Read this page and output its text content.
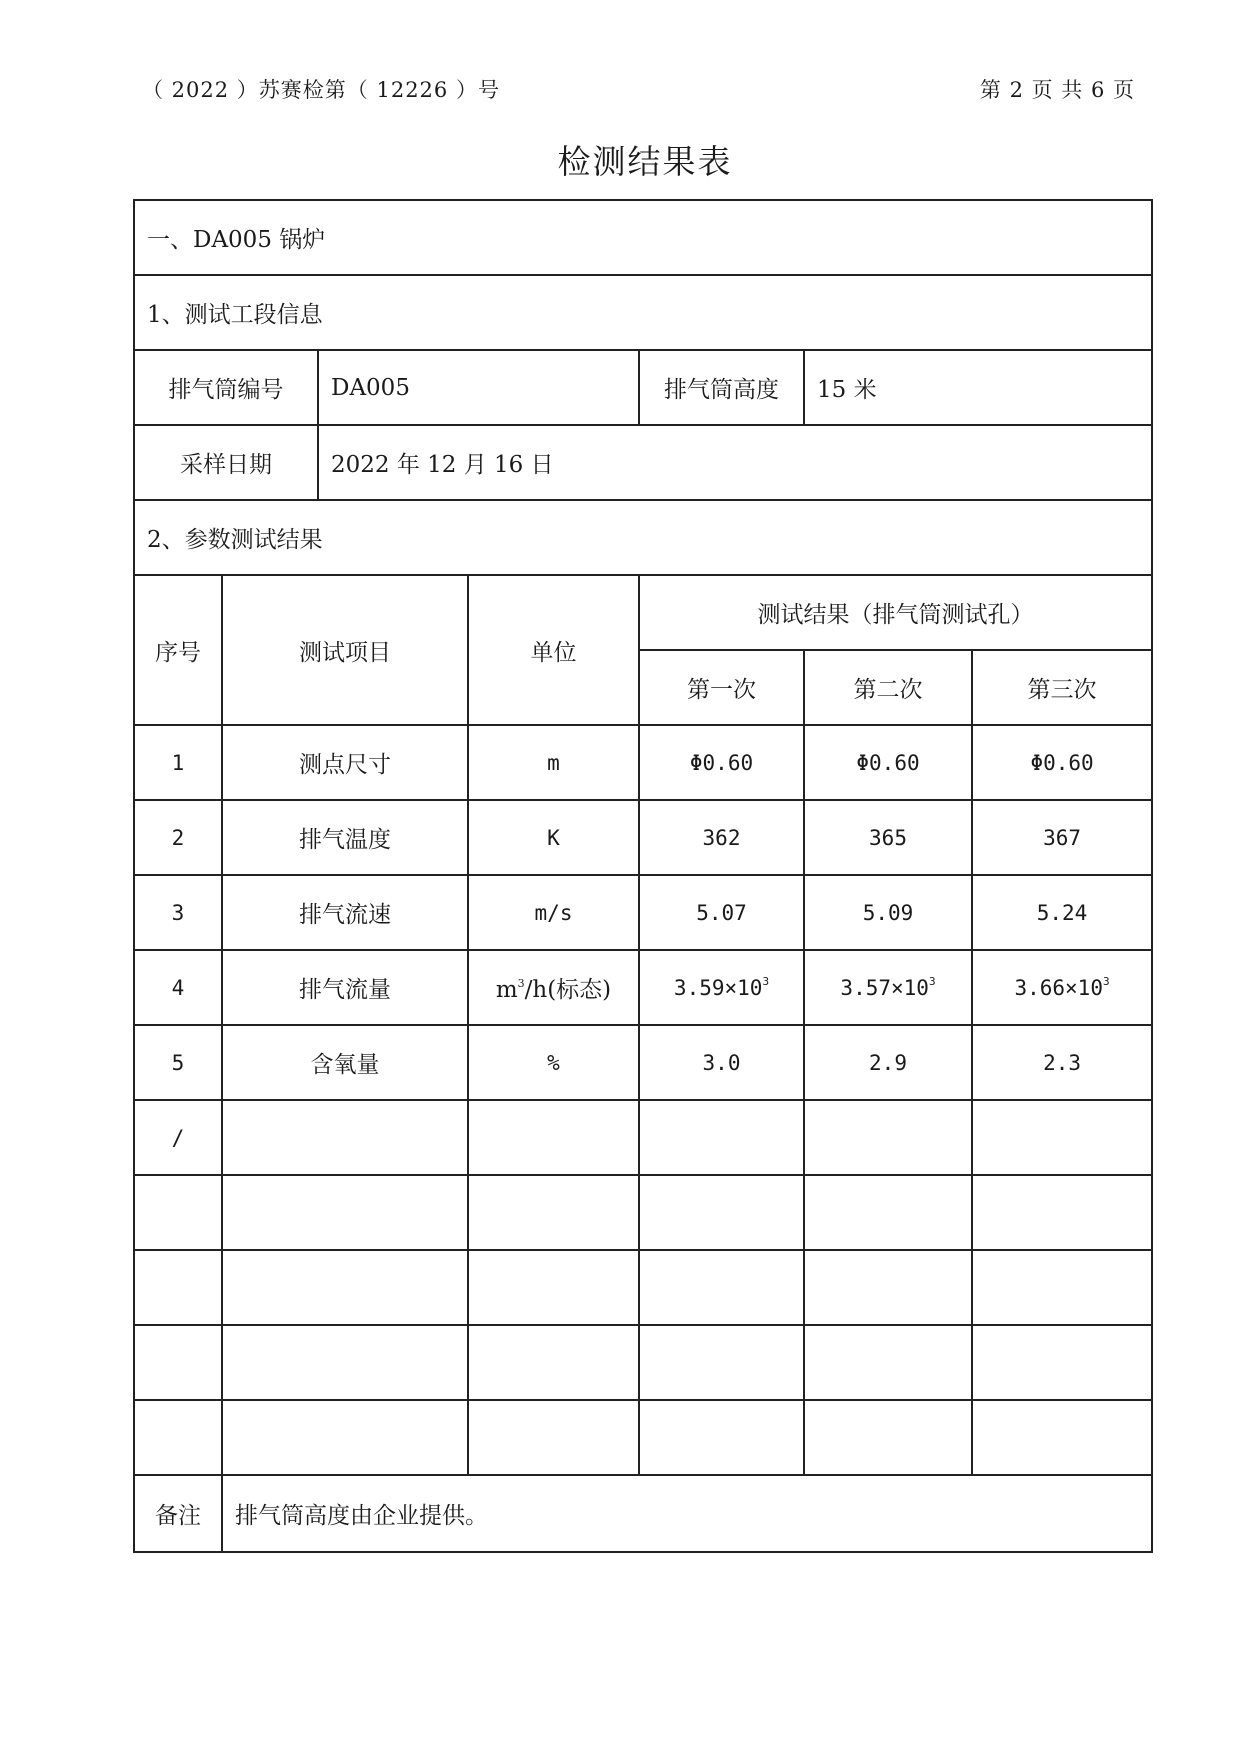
（ 2022 ）苏赛检第（ 12226 ）号	第 2 页 共 6 页
检测结果表
一、DA005 锅炉						
1、测试工段信息						
排气筒编号		DA005		排气筒高度	15 米	
采样日期		2022 年 12 月 16 日				
2、参数测试结果						
序号	测试项目		单位	测试结果（排气筒测试孔）		
				第一次	第二次	第三次
1	测点尺寸		m	Φ0.60	Φ0.60	Φ0.60
2	排气温度		K	362	365	367
3	排气流速		m/s	5.07	5.09	5.24
4	排气流量		$m^3/h$(标态)	$3.59\times 10^3$	$3.57\times 10^3$	$3.66\times 10^3$
5	含氧量		%	3.0	2.9	2.3
/						

备注	排气筒高度由企业提供。					
